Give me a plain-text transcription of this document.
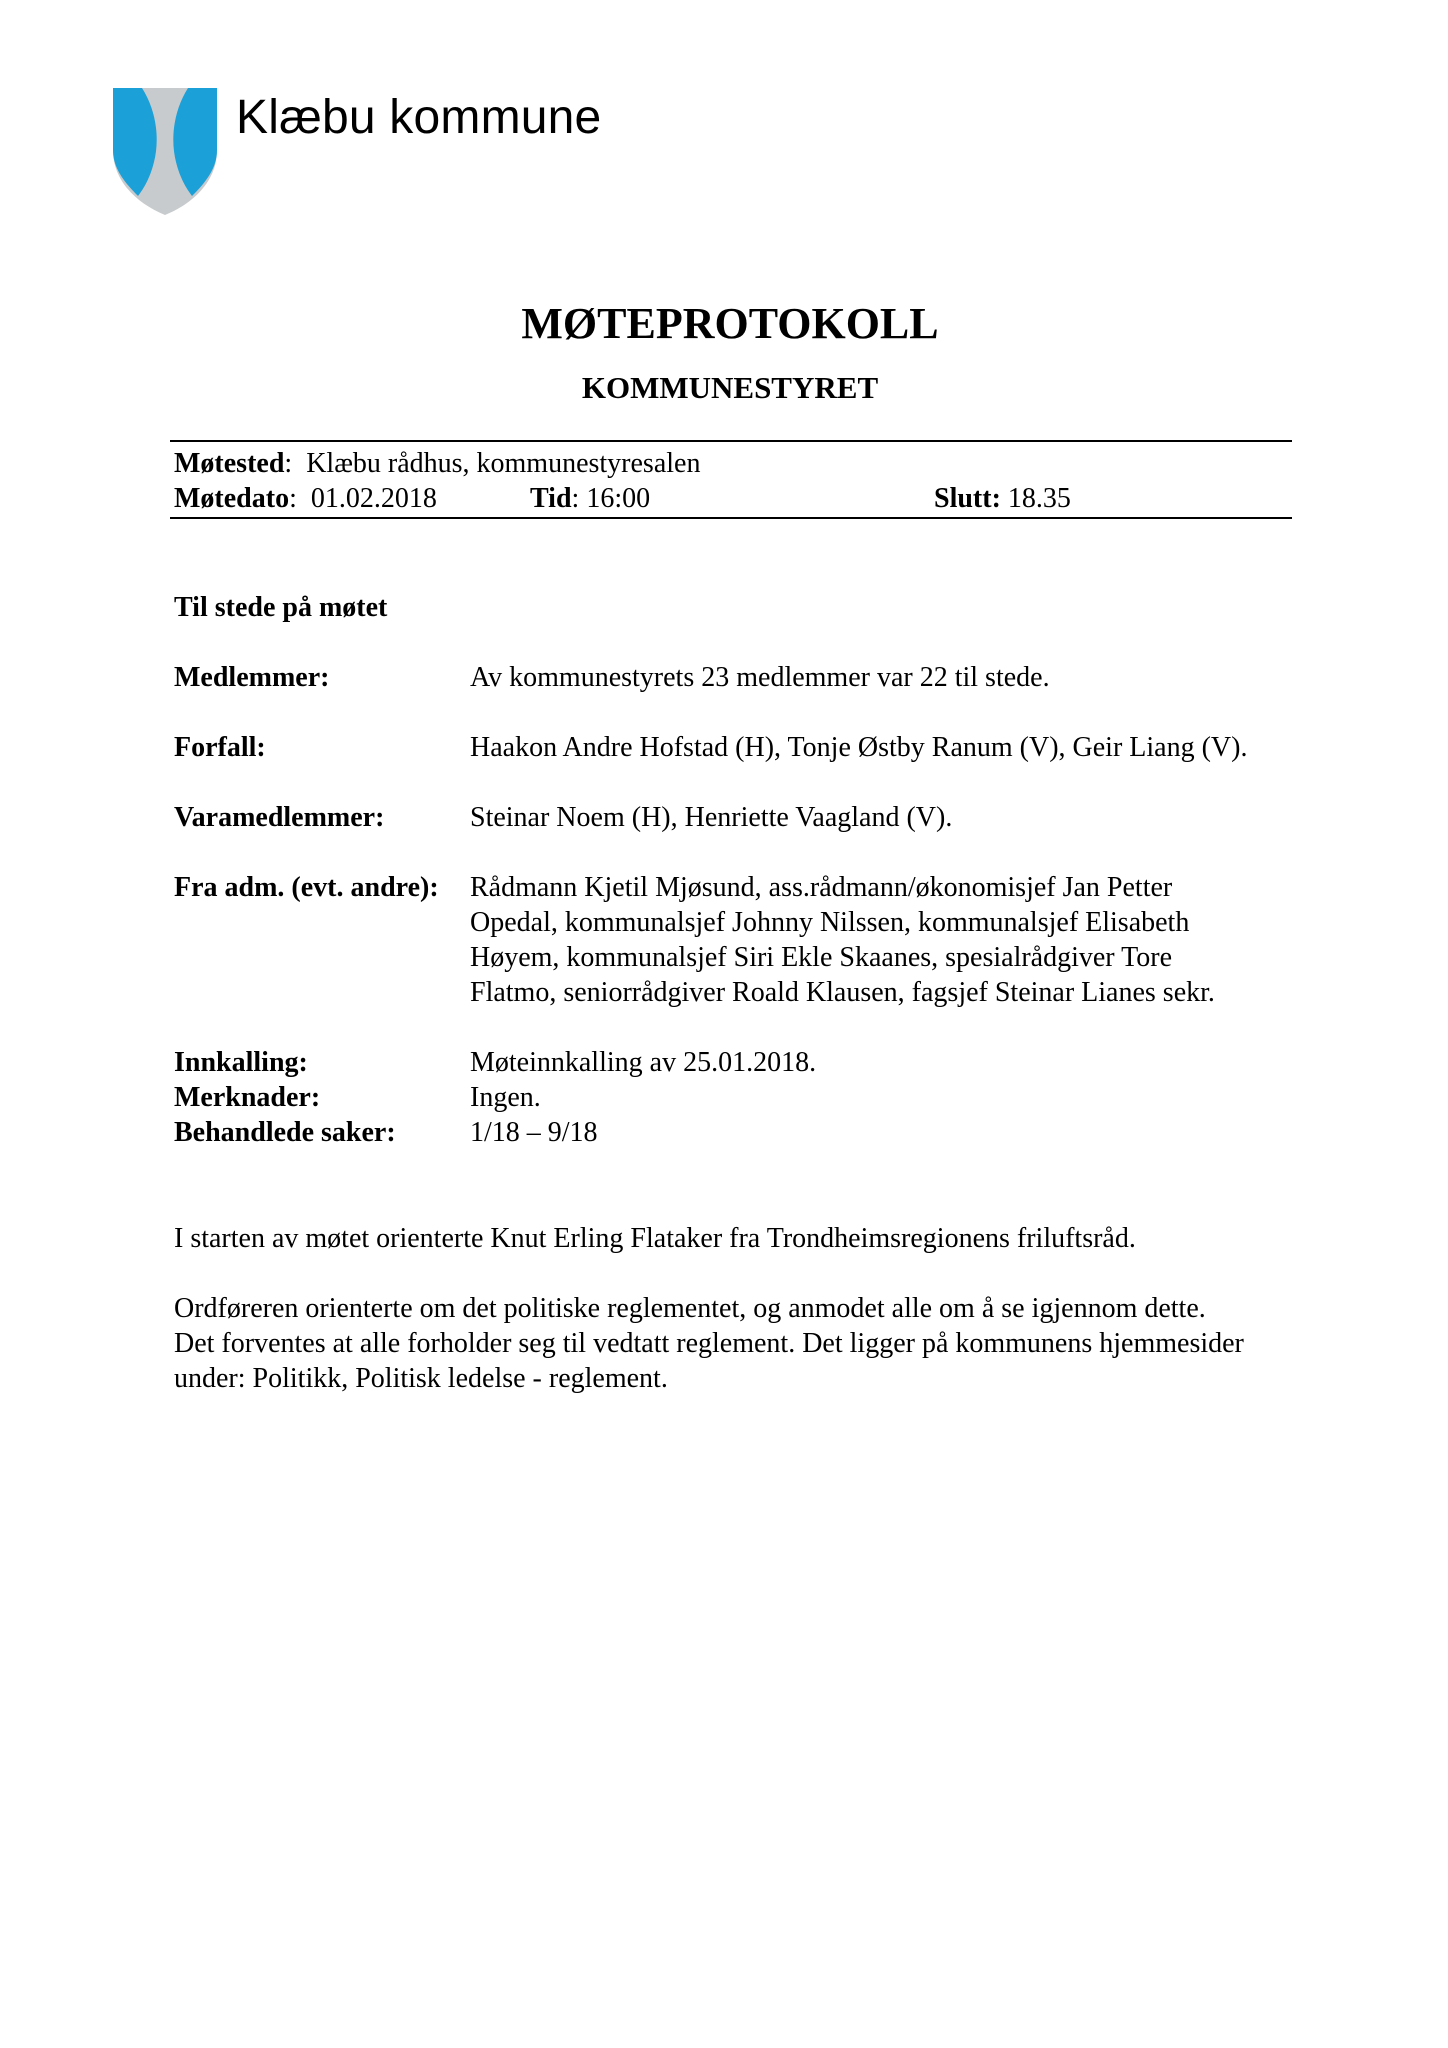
Klæbu kommune
MØTEPROTOKOLL
KOMMUNESTYRET
Møtested:  Klæbu rådhus, kommunestyresalen
Møtedato:  01.02.2018	Tid: 16:00	Slutt: 18.35
Til stede på møtet
Medlemmer:	Av kommunestyrets 23 medlemmer var 22 til stede.
Forfall:	Haakon Andre Hofstad (H), Tonje Østby Ranum (V), Geir Liang (V).
Varamedlemmer:	Steinar Noem (H), Henriette Vaagland (V).
Fra adm. (evt. andre): Rådmann Kjetil Mjøsund, ass.rådmann/økonomisjef Jan Petter
Opedal, kommunalsjef Johnny Nilssen, kommunalsjef Elisabeth
Høyem, kommunalsjef Siri Ekle Skaanes, spesialrådgiver Tore
Flatmo, seniorrådgiver Roald Klausen, fagsjef Steinar Lianes sekr.
Innkalling:	Møteinnkalling av 25.01.2018.
Merknader:	Ingen.
Behandlede saker:	1/18 – 9/18
I starten av møtet orienterte Knut Erling Flataker fra Trondheimsregionens friluftsråd.
Ordføreren orienterte om det politiske reglementet, og anmodet alle om å se igjennom dette.
Det forventes at alle forholder seg til vedtatt reglement. Det ligger på kommunens hjemmesider
under: Politikk, Politisk ledelse - reglement.
